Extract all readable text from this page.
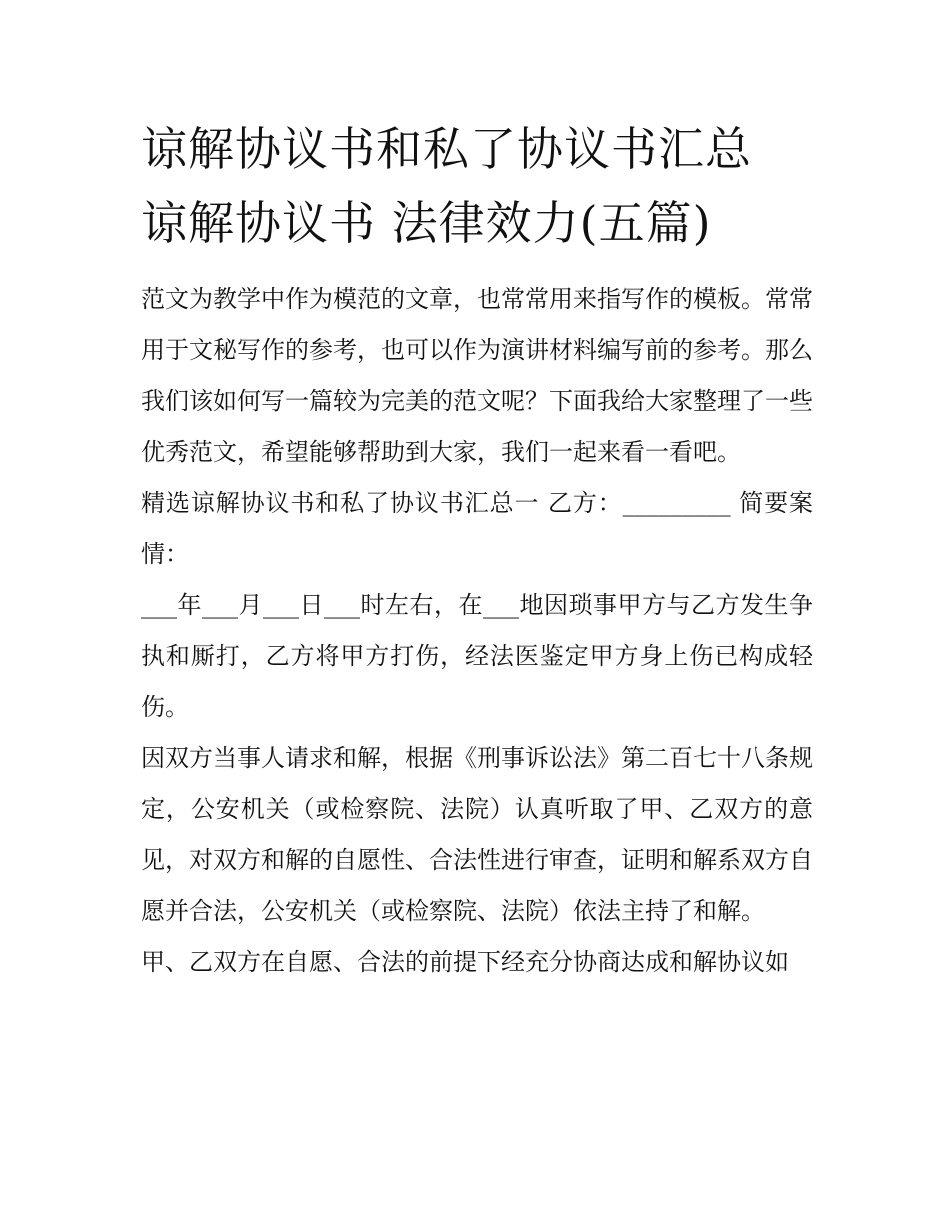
谅解协议书和私了协议书汇总
谅解协议书 法律效力(五篇)

范文为教学中作为模范的文章，也常常用来指写作的模板。常常用于文秘写作的参考，也可以作为演讲材料编写前的参考。那么我们该如何写一篇较为完美的范文呢？下面我给大家整理了一些优秀范文，希望能够帮助到大家，我们一起来看一看吧。

精选谅解协议书和私了协议书汇总一 乙方：_________ 简要案情：

___年___月___日___时左右，在___地因琐事甲方与乙方发生争执和厮打，乙方将甲方打伤，经法医鉴定甲方身上伤已构成轻伤。

因双方当事人请求和解，根据《刑事诉讼法》第二百七十八条规定，公安机关（或检察院、法院）认真听取了甲、乙双方的意见，对双方和解的自愿性、合法性进行审查，证明和解系双方自愿并合法，公安机关（或检察院、法院）依法主持了和解。

甲、乙双方在自愿、合法的前提下经充分协商达成和解协议如
